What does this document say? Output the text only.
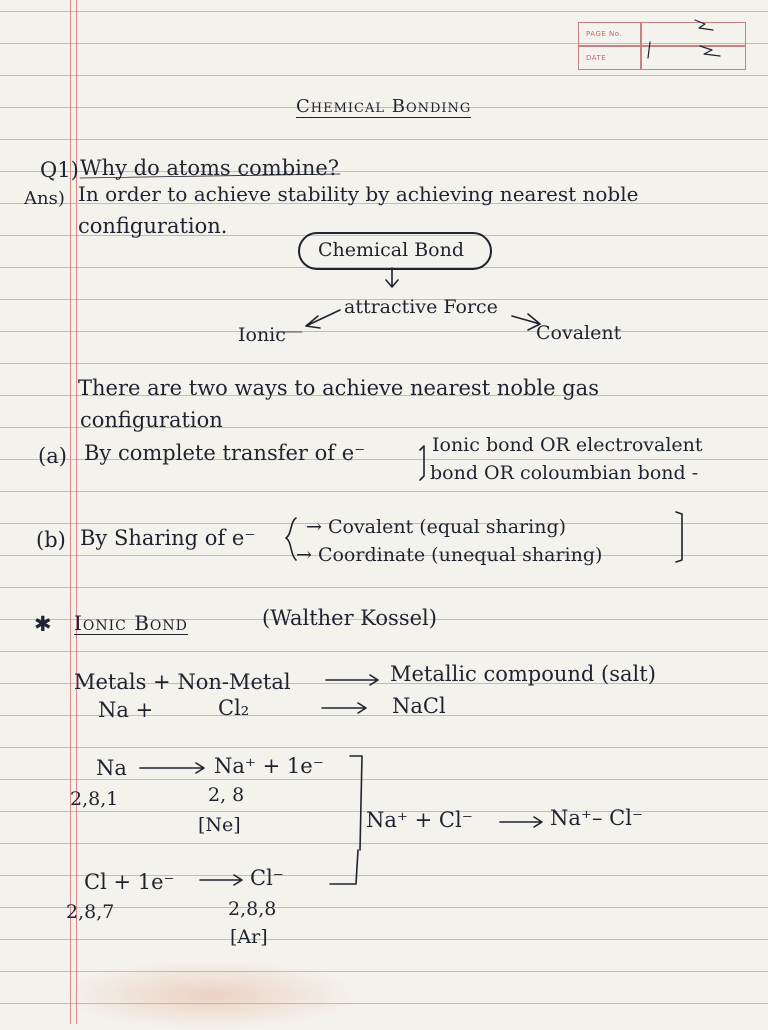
PAGE No.
DATE
Chemical Bonding
Q1) Why do atoms combine?
Ans) In order to achieve stability by achieving nearest noble
configuration.
Chemical Bond
attractive Force
Ionic	Covalent
There are two ways to achieve nearest noble gas
configuration
(a) By complete transfer of e⁻	Ionic bond OR electrovalent
bond OR coloumbian bond -
(b) By Sharing of e⁻	→ Covalent (equal sharing)
→ Coordinate (unequal sharing)
✱ Ionic Bond	(Walther Kossel)
Metals + Non-Metal	Metallic compound (salt)
Na +	Cl₂	NaCl
Na	Na⁺ + 1e⁻
2,8,1	2, 8
[Ne]	Na⁺ + Cl⁻	Na⁺– Cl⁻
Cl + 1e⁻	Cl⁻
2,8,7	2,8,8
[Ar]
